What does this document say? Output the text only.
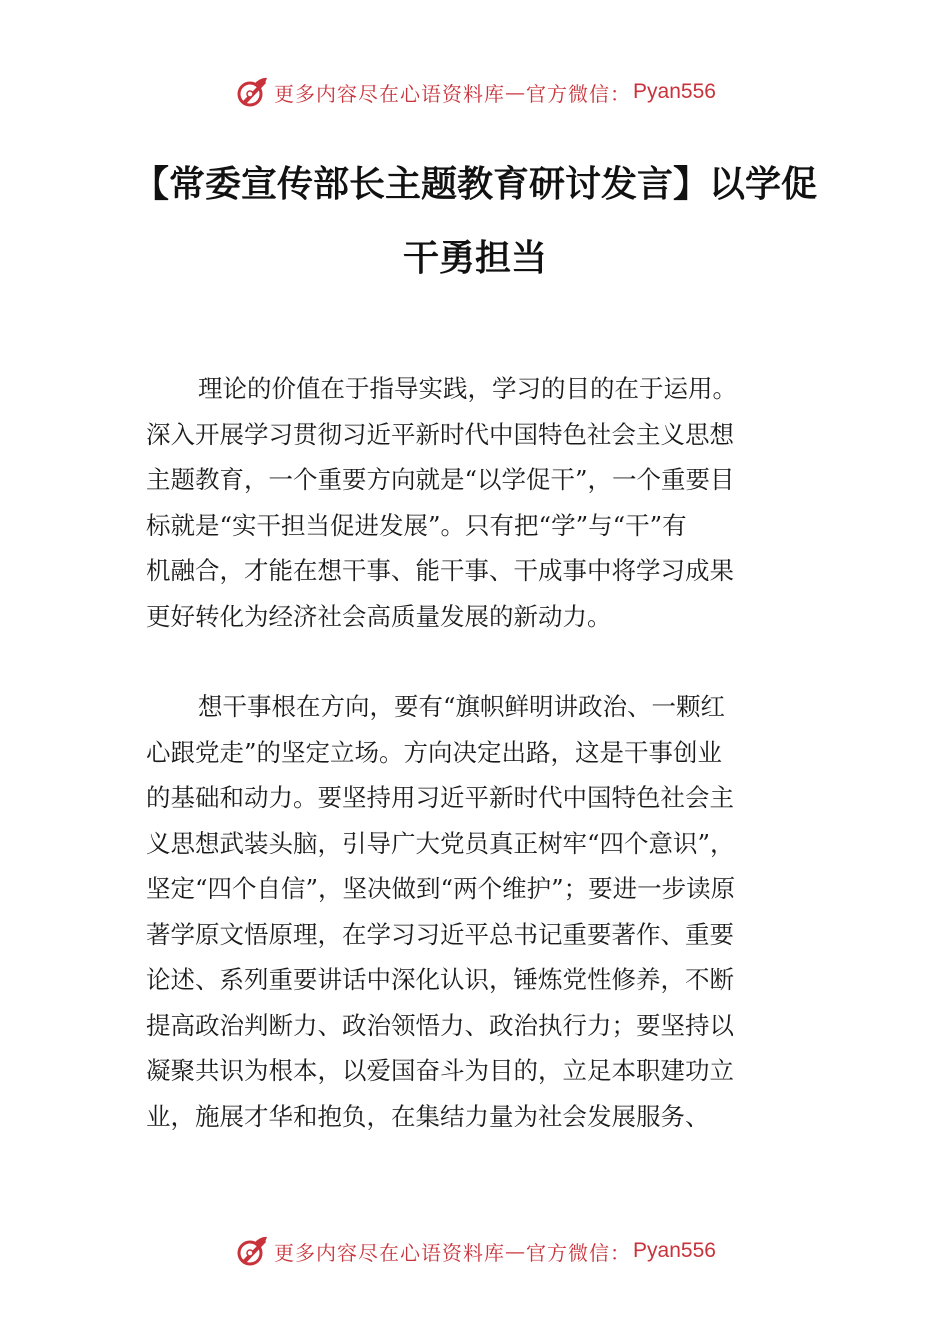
更多内容尽在心语资料库 — 官方微信： Pyan556
【常委宣传部长主题教育研讨发言】以学促
干勇担当
理论的价值在于指导实践，学习的目的在于运用。
深入开展学习贯彻习近平新时代中国特色社会主义思想
主题教育，一个重要方向就是“以学促干”，一个重要目
标就是“实干担当促进发展”。只有把“学”与“干”有
机融合，才能在想干事、能干事、干成事中将学习成果
更好转化为经济社会高质量发展的新动力。
想干事根在方向，要有“旗帜鲜明讲政治、一颗红
心跟党走”的坚定立场。方向决定出路，这是干事创业
的基础和动力。要坚持用习近平新时代中国特色社会主
义思想武装头脑，引导广大党员真正树牢“四个意识”，
坚定“四个自信”，坚决做到“两个维护”；要进一步读原
著学原文悟原理，在学习习近平总书记重要著作、重要
论述、系列重要讲话中深化认识，锤炼党性修养，不断
提高政治判断力、政治领悟力、政治执行力；要坚持以
凝聚共识为根本，以爱国奋斗为目的，立足本职建功立
业，施展才华和抱负，在集结力量为社会发展服务、
更多内容尽在心语资料库 — 官方微信： Pyan556
